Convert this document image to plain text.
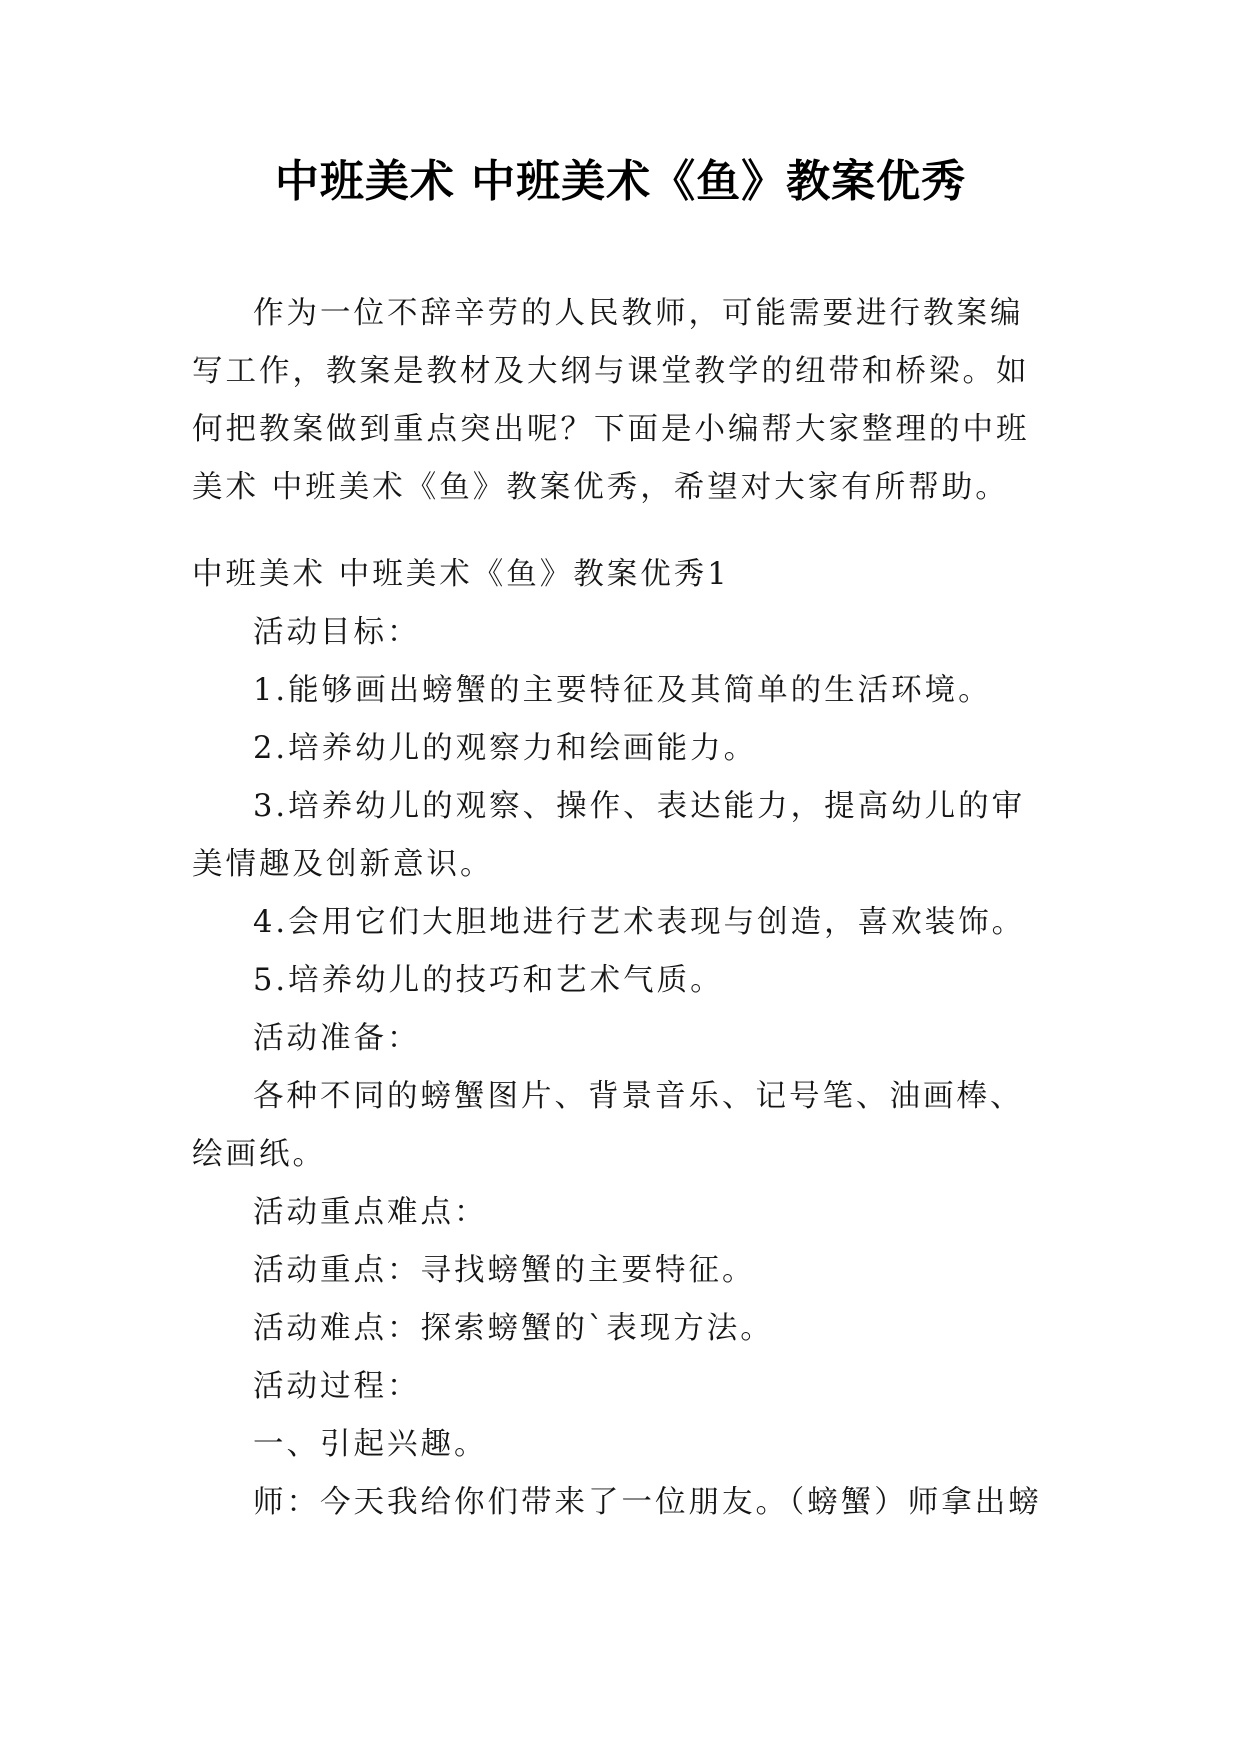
中班美术 中班美术《鱼》教案优秀

作为一位不辞辛劳的人民教师，可能需要进行教案编写工作，教案是教材及大纲与课堂教学的纽带和桥梁。如何把教案做到重点突出呢？下面是小编帮大家整理的中班美术 中班美术《鱼》教案优秀，希望对大家有所帮助。

中班美术 中班美术《鱼》教案优秀1

活动目标：

1.能够画出螃蟹的主要特征及其简单的生活环境。

2.培养幼儿的观察力和绘画能力。

3.培养幼儿的观察、操作、表达能力，提高幼儿的审美情趣及创新意识。

4.会用它们大胆地进行艺术表现与创造，喜欢装饰。

5.培养幼儿的技巧和艺术气质。

活动准备：

各种不同的螃蟹图片、背景音乐、记号笔、油画棒、绘画纸。

活动重点难点：

活动重点：寻找螃蟹的主要特征。

活动难点：探索螃蟹的`表现方法。

活动过程：

一、引起兴趣。

师：今天我给你们带来了一位朋友。（螃蟹）师拿出螃
